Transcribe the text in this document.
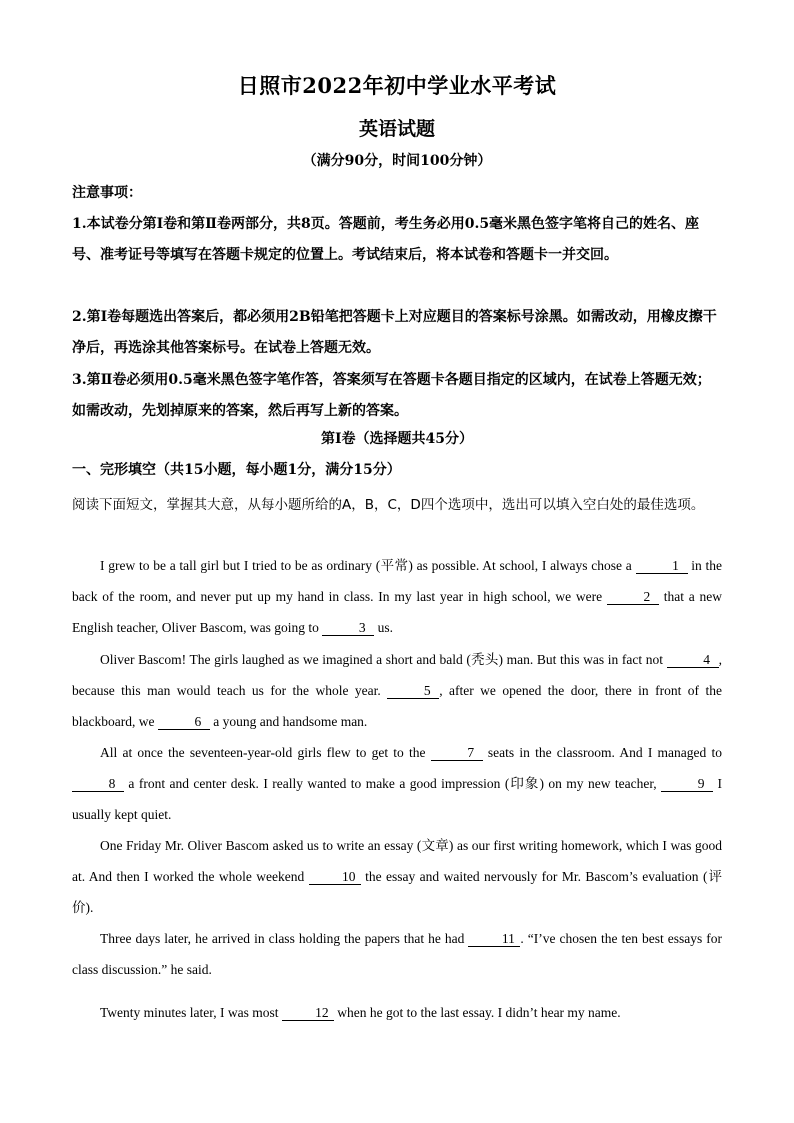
日照市2022年初中学业水平考试
英语试题
（满分90分，时间100分钟）
注意事项：

1.本试卷分第Ⅰ卷和第Ⅱ卷两部分，共8页。答题前，考生务必用0.5毫米黑色签字笔将自己的姓名、座号、准考证号等填写在答题卡规定的位置上。考试结束后，将本试卷和答题卡一并交回。

2.第Ⅰ卷每题选出答案后，都必须用2B铅笔把答题卡上对应题目的答案标号涂黑。如需改动，用橡皮擦干净后，再选涂其他答案标号。在试卷上答题无效。

3.第Ⅱ卷必须用0.5毫米黑色签字笔作答，答案须写在答题卡各题目指定的区域内，在试卷上答题无效；如需改动，先划掉原来的答案，然后再写上新的答案。

第Ⅰ卷（选择题共45分）
一、完形填空（共15小题，每小题1分，满分15分）
阅读下面短文，掌握其大意，从每小题所给的A，B，C，D四个选项中，选出可以填入空白处的最佳选项。

I grew to be a tall girl but I tried to be as ordinary (平常) as possible. At school, I always chose a	1 in the back of the room, and never put up my hand in class. In my last year in high school, we were	2 that a new English teacher, Oliver Bascom, was going to	3 us.

Oliver Bascom! The girls laughed as we imagined a short and bald (秃头) man. But this was in fact not	4 , because this man would teach us for the whole year.	5 , after we opened the door, there in front of the blackboard, we	6 a young and handsome man.

All at once the seventeen-year-old girls flew to get to the	7 seats in the classroom. And I managed to 8 a front and center desk. I really wanted to make a good impression (印象) on my new teacher,	9 I usually kept quiet.

One Friday Mr. Oliver Bascom asked us to write an essay (文章) as our first writing homework, which I was good at. And then I worked the whole weekend 10 the essay and waited nervously for Mr. Bascom’s evaluation (评价).

Three days later, he arrived in class holding the papers that he had 11 . “I’ve chosen the ten best essays for class discussion.” he said.

Twenty minutes later, I was most 12 when he got to the last essay. I didn’t hear my name.
